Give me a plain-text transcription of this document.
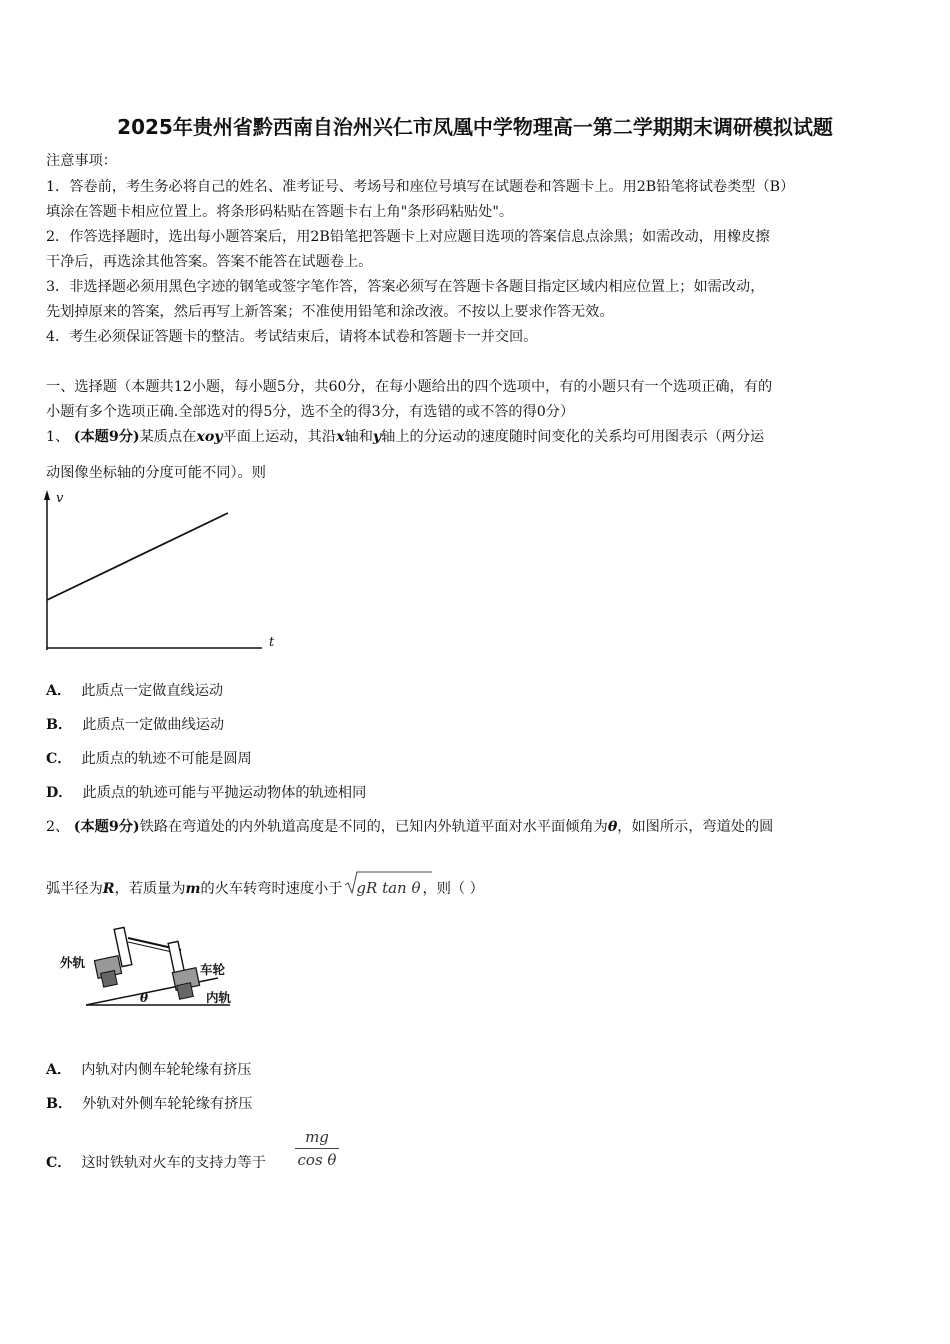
2025年贵州省黔西南自治州兴仁市凤凰中学物理高一第二学期期末调研模拟试题
注意事项：
1．答卷前，考生务必将自己的姓名、准考证号、考场号和座位号填写在试题卷和答题卡上。用2B铅笔将试卷类型（B）
填涂在答题卡相应位置上。将条形码粘贴在答题卡右上角"条形码粘贴处"。
2．作答选择题时，选出每小题答案后，用2B铅笔把答题卡上对应题目选项的答案信息点涂黑；如需改动，用橡皮擦
干净后，再选涂其他答案。答案不能答在试题卷上。
3．非选择题必须用黑色字迹的钢笔或签字笔作答，答案必须写在答题卡各题目指定区域内相应位置上；如需改动，
先划掉原来的答案，然后再写上新答案；不准使用铅笔和涂改液。不按以上要求作答无效。
4．考生必须保证答题卡的整洁。考试结束后，请将本试卷和答题卡一并交回。
一、选择题（本题共12小题，每小题5分，共60分，在每小题给出的四个选项中，有的小题只有一个选项正确，有的
小题有多个选项正确.全部选对的得5分，选不全的得3分，有选错的或不答的得0分）
1、 (本题9分)某质点在xoy平面上运动，其沿x轴和y轴上的分运动的速度随时间变化的关系均可用图表示（两分运
动图像坐标轴的分度可能不同）。则
v
t
A． 此质点一定做直线运动
B． 此质点一定做曲线运动
C． 此质点的轨迹不可能是圆周
D． 此质点的轨迹可能与平抛运动物体的轨迹相同
2、 (本题9分)铁路在弯道处的内外轨道高度是不同的，已知内外轨道平面对水平面倾角为θ，如图所示，弯道处的圆
弧半径为R，若质量为m的火车转弯时速度小于 gR tan θ ，则（ ）
外轨	车轮
内轨
θ
A． 内轨对内侧车轮轮缘有挤压
B． 外轨对外侧车轮轮缘有挤压
C． 这时铁轨对火车的支持力等于
mg
cos θ
